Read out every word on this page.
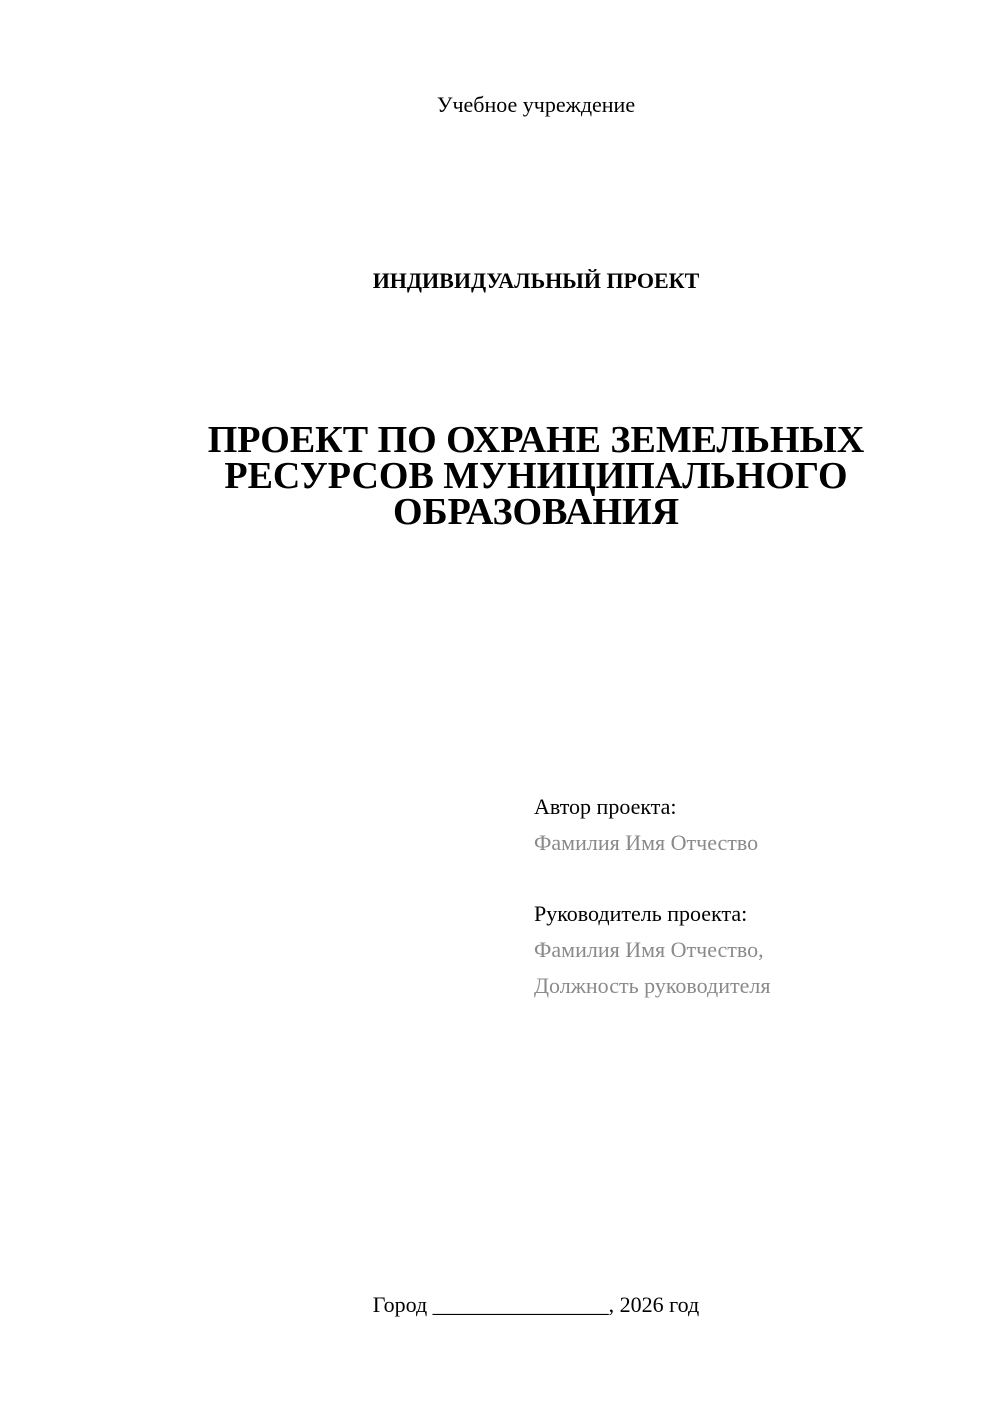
Учебное учреждение
ИНДИВИДУАЛЬНЫЙ ПРОЕКТ
ПРОЕКТ ПО ОХРАНЕ ЗЕМЕЛЬНЫХ
РЕСУРСОВ МУНИЦИПАЛЬНОГО
ОБРАЗОВАНИЯ
Автор проекта:
Фамилия Имя Отчество
Руководитель проекта:
Фамилия Имя Отчество,
Должность руководителя
Город ________________, 2026 год
